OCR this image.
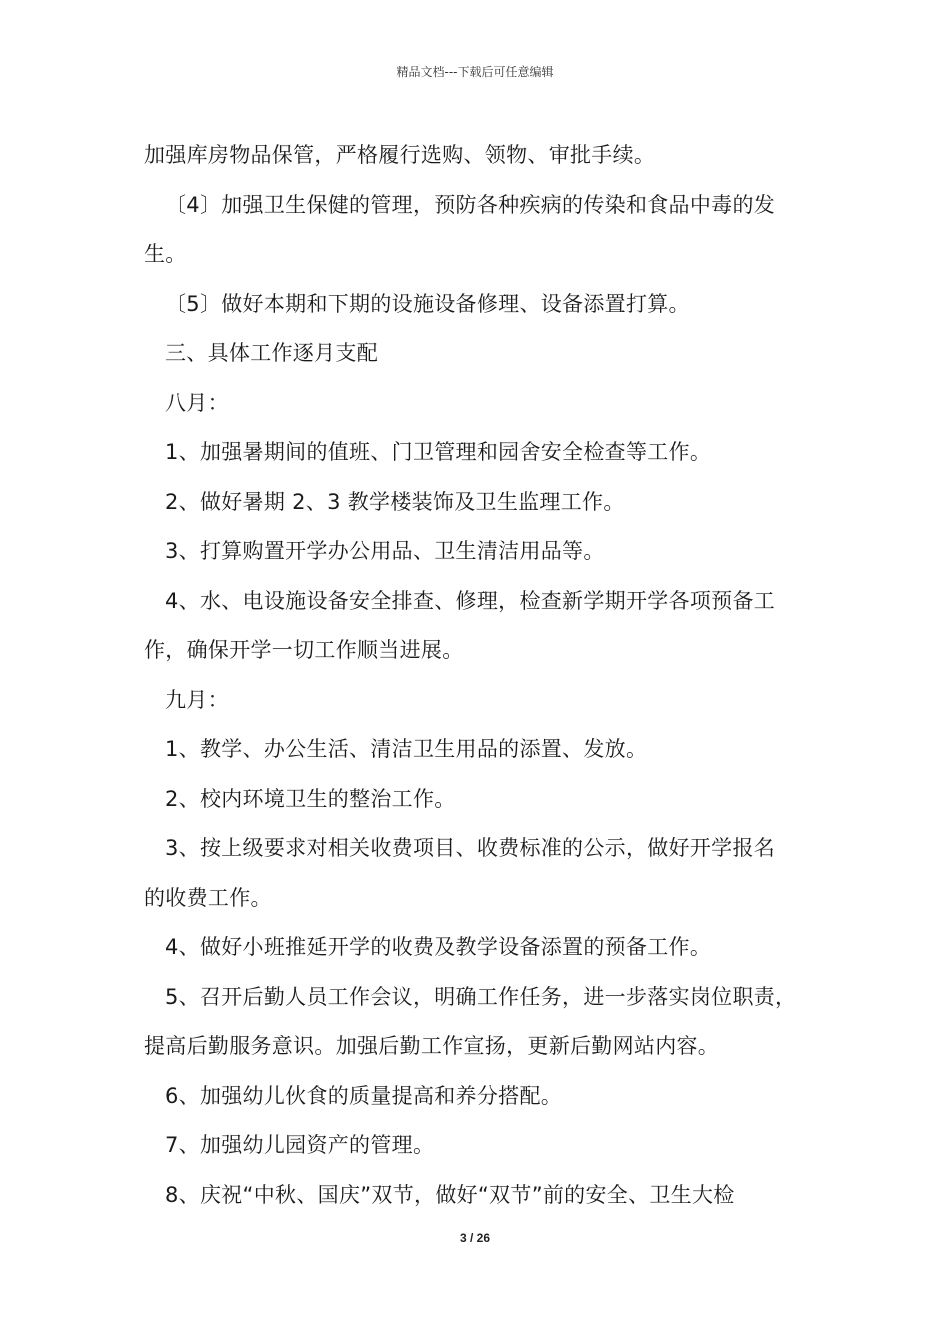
精品文档---下载后可任意编辑

加强库房物品保管，严格履行选购、领物、审批手续。

〔4〕加强卫生保健的管理，预防各种疾病的传染和食品中毒的发

生。

〔5〕做好本期和下期的设施设备修理、设备添置打算。

三、具体工作逐月支配

八月：

1、加强暑期间的值班、门卫管理和园舍安全检查等工作。

2、做好暑期 2、3 教学楼装饰及卫生监理工作。

3、打算购置开学办公用品、卫生清洁用品等。

4、水、电设施设备安全排查、修理，检查新学期开学各项预备工

作，确保开学一切工作顺当进展。

九月：

1、教学、办公生活、清洁卫生用品的添置、发放。

2、校内环境卫生的整治工作。

3、按上级要求对相关收费项目、收费标准的公示，做好开学报名

的收费工作。

4、做好小班推延开学的收费及教学设备添置的预备工作。

5、召开后勤人员工作会议，明确工作任务，进一步落实岗位职责，

提高后勤服务意识。加强后勤工作宣扬，更新后勤网站内容。

6、加强幼儿伙食的质量提高和养分搭配。

7、加强幼儿园资产的管理。

8、庆祝“中秋、国庆”双节，做好“双节”前的安全、卫生大检

3 / 26
